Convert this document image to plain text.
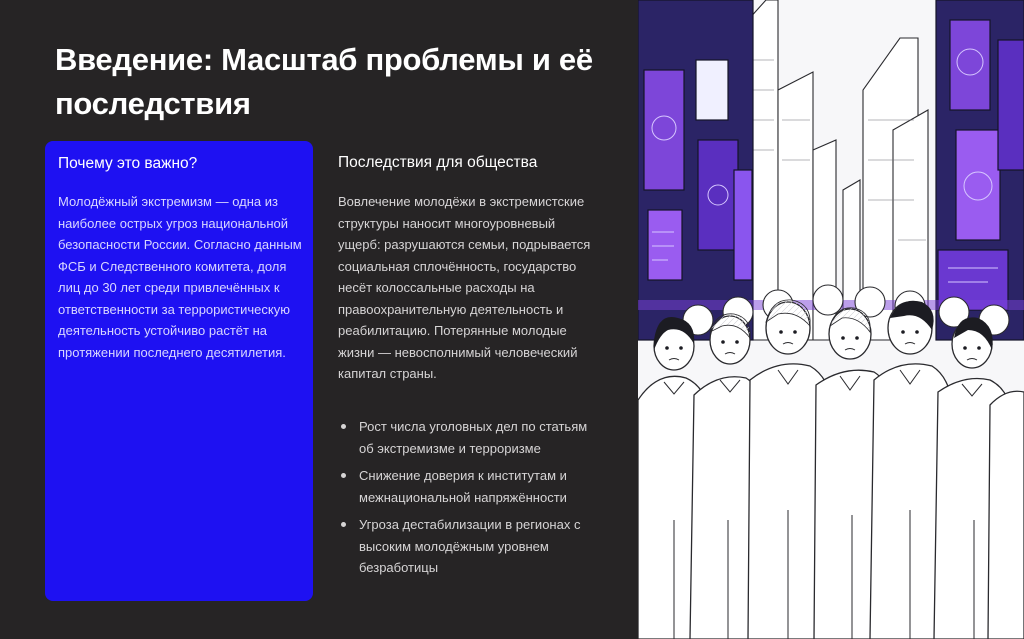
Введение: Масштаб проблемы и её последствия
Почему это важно?

Молодёжный экстремизм — одна из наиболее острых угроз национальной безопасности России. Согласно данным ФСБ и Следственного комитета, доля лиц до 30 лет среди привлечённых к ответственности за террористическую деятельность устойчиво растёт на протяжении последнего десятилетия.

Последствия для общества

Вовлечение молодёжи в экстремистские структуры наносит многоуровневый ущерб: разрушаются семьи, подрывается социальная сплочённость, государство несёт колоссальные расходы на правоохранительную деятельность и реабилитацию. Потерянные молодые жизни — невосполнимый человеческий капитал страны.

Рост числа уголовных дел по статьям об экстремизме и терроризме
Снижение доверия к институтам и межнациональной напряжённости
Угроза дестабилизации в регионах с высоким молодёжным уровнем безработицы
